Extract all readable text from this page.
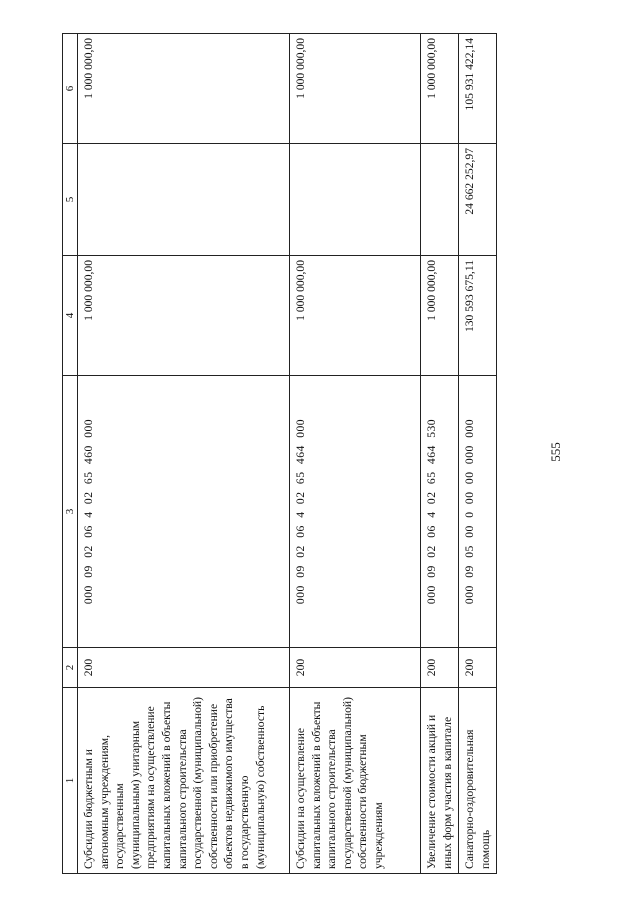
555
1	2	3	4	5	6
Субсидии бюджетным и автономным учреждениям, государственным (муниципальным) унитарным предприятиям на осуществление капитальных вложений в объекты капитального строительства государственной (муниципальной) собственности или приобретение объектов недвижимого имущества в государственную (муниципальную) собственность	200	000 09 02 06 4 02 65 460 000	1 000 000,00		1 000 000,00
Субсидии на осуществление капитальных вложений в объекты капитального строительства государственной (муниципальной) собственности бюджетным учреждениям	200	000 09 02 06 4 02 65 464 000	1 000 000,00		1 000 000,00
Увеличение стоимости акций и иных форм участия в капитале	200	000 09 02 06 4 02 65 464 530	1 000 000,00		1 000 000,00
Санаторно-оздоровительная помощь	200	000 09 05 00 0 00 00 000 000	130 593 675,11	24 662 252,97	105 931 422,14
